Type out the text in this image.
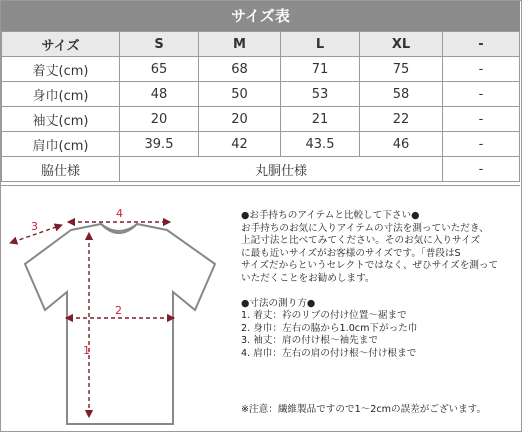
サイズ表
サイズ	S	M	L	XL	-
着丈(cm)	65	68	71	75	-
身巾(cm)	48	50	53	58	-
袖丈(cm)	20	20	21	22	-
肩巾(cm)	39.5	42	43.5	46	-
脇仕様	丸胴仕様				-
1
2
3
4	●お手持ちのアイテムと比較して下さい●

お手持ちのお気に入りアイテムの寸法を測っていただき、

上記寸法と比べてみてください。そのお気に入りサイズ

に最も近いサイズがお客様のサイズです。「普段はS

サイズだからというセレクトではなく、ぜひサイズを測って

いただくことをお勧めします。

●寸法の測り方●

1. 着丈：衿のリブの付け位置～裾まで

2. 身巾：左右の脇から1.0cm下がった巾

3. 袖丈：肩の付け根～袖先まで

4. 肩巾：左右の肩の付け根～付け根まで

※注意：繊維製品ですので1～2cmの誤差がございます。
